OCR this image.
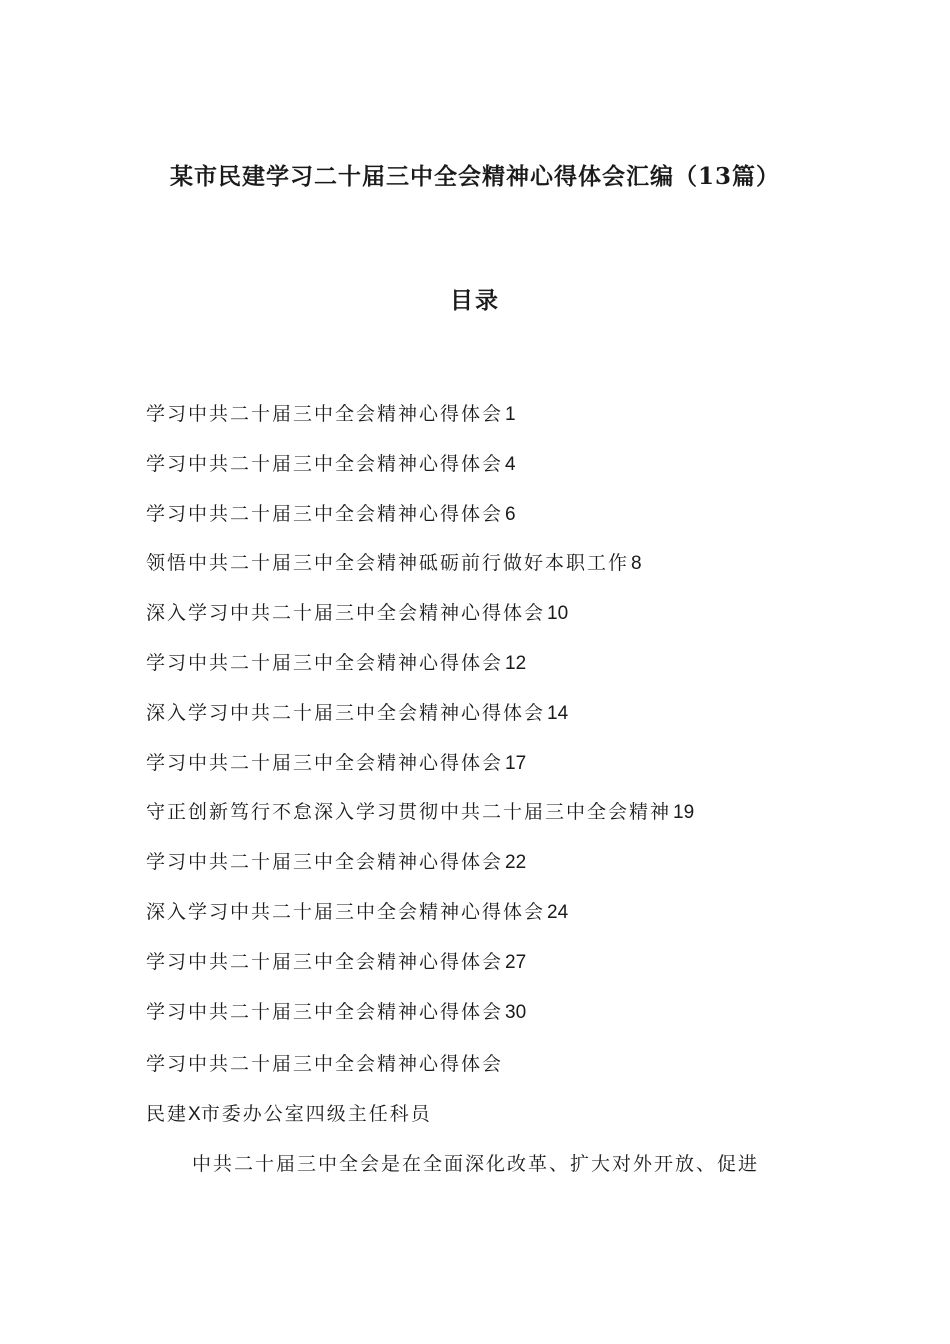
某市民建学习二十届三中全会精神心得体会汇编（13篇）
目录
学习中共二十届三中全会精神心得体会 1
学习中共二十届三中全会精神心得体会 4
学习中共二十届三中全会精神心得体会 6
领悟中共二十届三中全会精神砥砺前行做好本职工作 8
深入学习中共二十届三中全会精神心得体会 10
学习中共二十届三中全会精神心得体会 12
深入学习中共二十届三中全会精神心得体会 14
学习中共二十届三中全会精神心得体会 17
守正创新笃行不怠深入学习贯彻中共二十届三中全会精神 19
学习中共二十届三中全会精神心得体会 22
深入学习中共二十届三中全会精神心得体会 24
学习中共二十届三中全会精神心得体会 27
学习中共二十届三中全会精神心得体会 30
学习中共二十届三中全会精神心得体会
民建X市委办公室四级主任科员
中共二十届三中全会是在全面深化改革、扩大对外开放、促进
